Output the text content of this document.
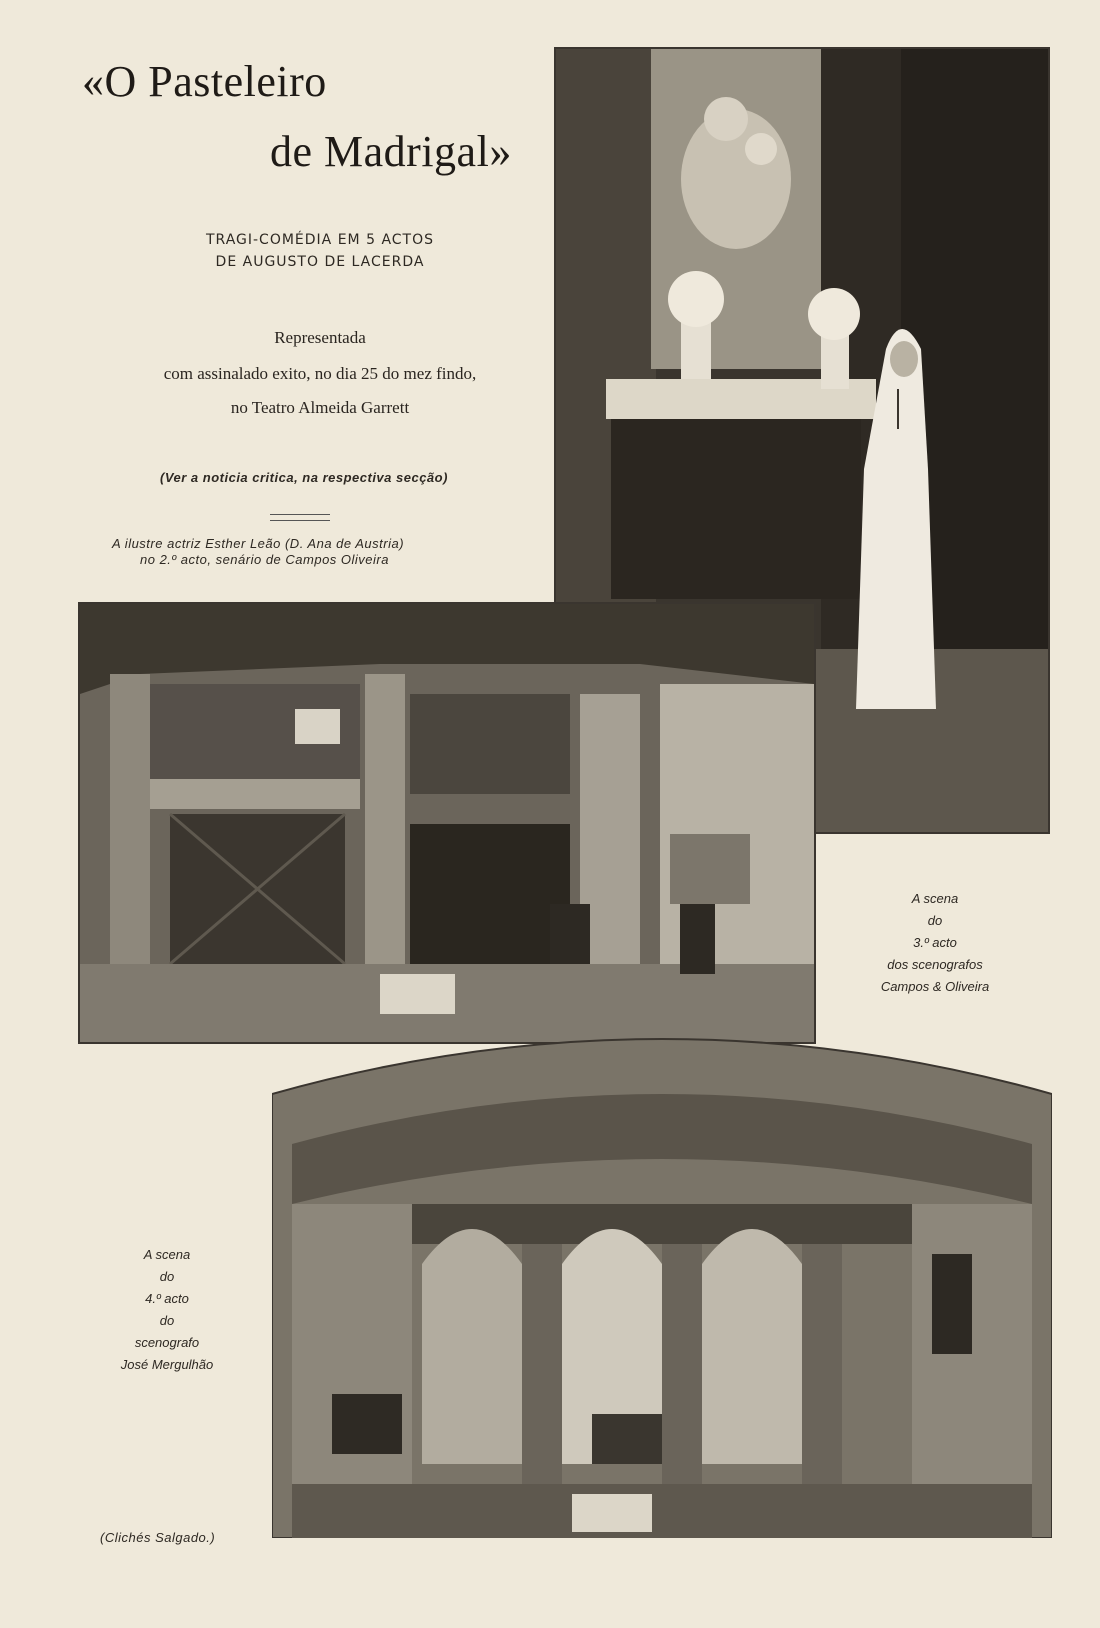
«O Pasteleiro
de Madrigal»
TRAGI-COMÉDIA EM 5 ACTOS
DE AUGUSTO DE LACERDA
Representada
com assinalado exito, no dia 25 do mez findo,
no Teatro Almeida Garrett
(Ver a noticia critica, na respectiva secção)
A ilustre actriz Esther Leão (D. Ana de Austria)
no 2.º acto, senário de Campos Oliveira
A scena
do
3.º acto
dos scenografos
Campos & Oliveira
A scena
do
4.º acto
do
scenografo
José Mergulhão
(Clichés Salgado.)
